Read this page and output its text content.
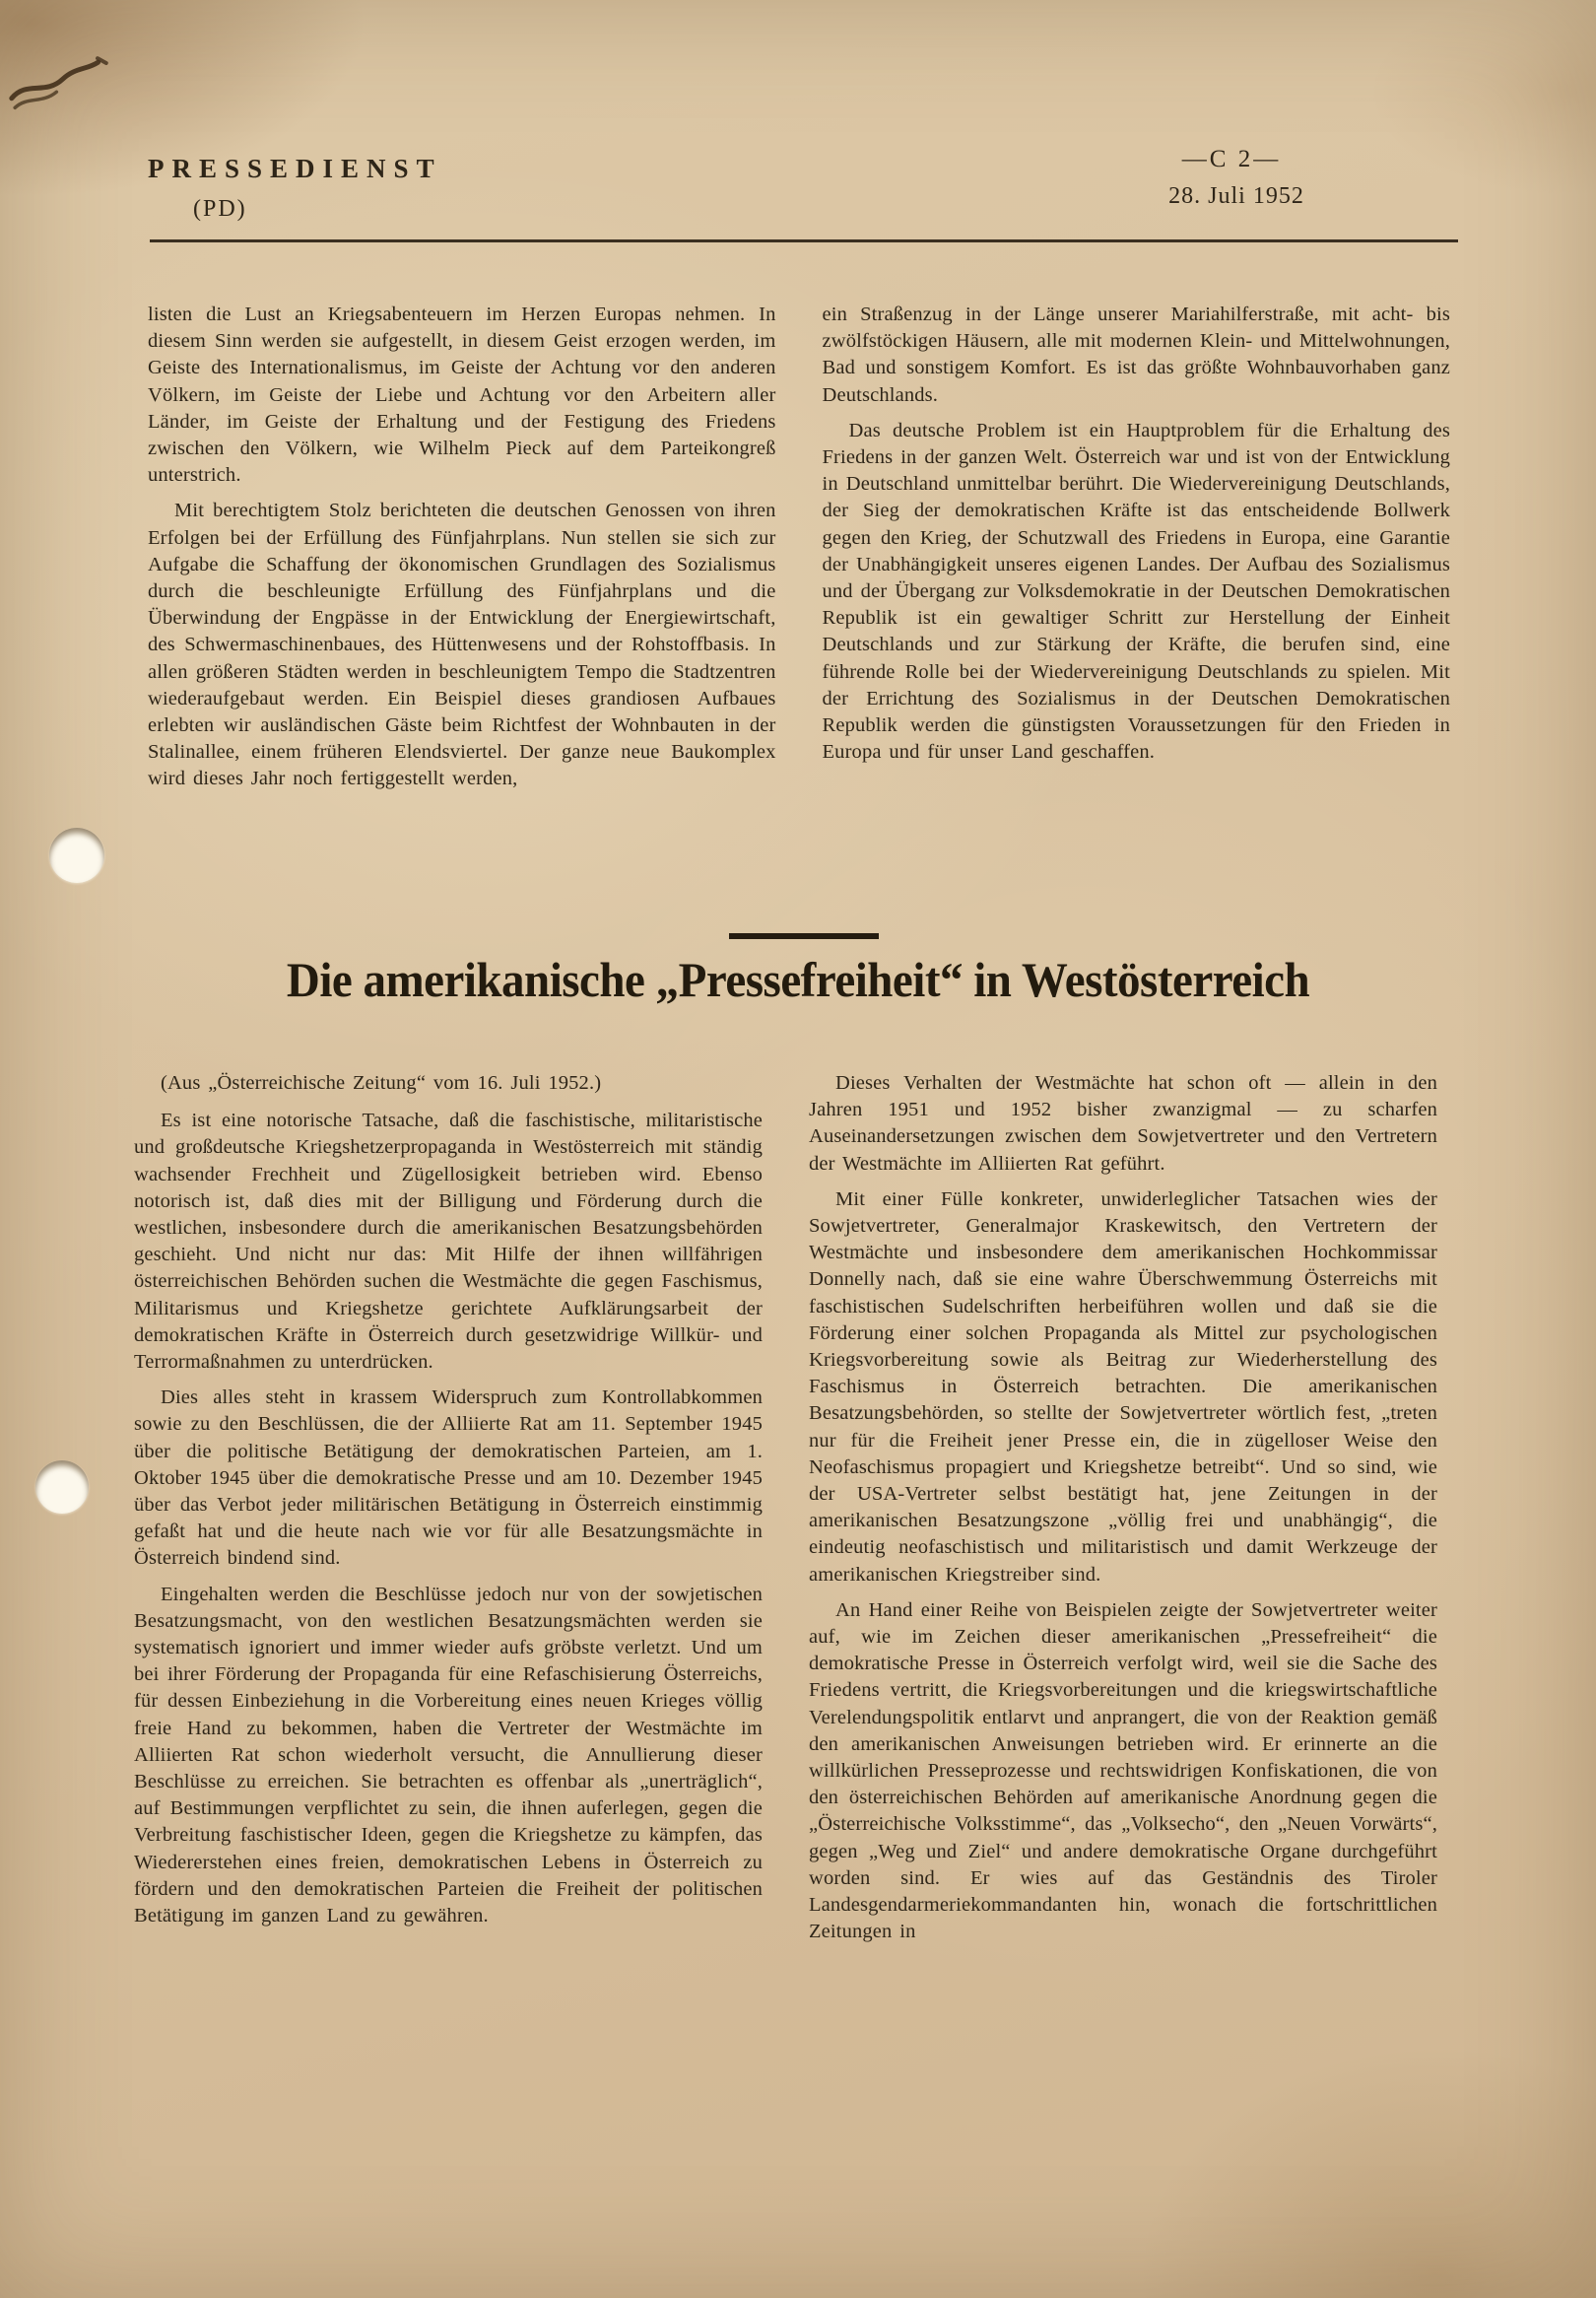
PRESSEDIENST
(PD)
—C 2—
28. Juli 1952

listen die Lust an Kriegsabenteuern im Herzen Europas nehmen. In diesem Sinn werden sie aufgestellt, in diesem Geist erzogen werden, im Geiste des Internationalismus, im Geiste der Achtung vor den anderen Völkern, im Geiste der Liebe und Achtung vor den Arbeitern aller Länder, im Geiste der Erhaltung und der Festigung des Friedens zwischen den Völkern, wie Wilhelm Pieck auf dem Parteikongreß unterstrich.

Mit berechtigtem Stolz berichteten die deutschen Genossen von ihren Erfolgen bei der Erfüllung des Fünfjahrplans. Nun stellen sie sich zur Aufgabe die Schaffung der ökonomischen Grundlagen des Sozialismus durch die beschleunigte Erfüllung des Fünfjahrplans und die Überwindung der Engpässe in der Entwicklung der Energiewirtschaft, des Schwermaschinenbaues, des Hüttenwesens und der Rohstoffbasis. In allen größeren Städten werden in beschleunigtem Tempo die Stadtzentren wiederaufgebaut werden. Ein Beispiel dieses grandiosen Aufbaues erlebten wir ausländischen Gäste beim Richtfest der Wohnbauten in der Stalinallee, einem früheren Elendsviertel. Der ganze neue Baukomplex wird dieses Jahr noch fertiggestellt werden,

ein Straßenzug in der Länge unserer Mariahilferstraße, mit acht- bis zwölfstöckigen Häusern, alle mit modernen Klein- und Mittelwohnungen, Bad und sonstigem Komfort. Es ist das größte Wohnbauvorhaben ganz Deutschlands.

Das deutsche Problem ist ein Hauptproblem für die Erhaltung des Friedens in der ganzen Welt. Österreich war und ist von der Entwicklung in Deutschland unmittelbar berührt. Die Wiedervereinigung Deutschlands, der Sieg der demokratischen Kräfte ist das entscheidende Bollwerk gegen den Krieg, der Schutzwall des Friedens in Europa, eine Garantie der Unabhängigkeit unseres eigenen Landes. Der Aufbau des Sozialismus und der Übergang zur Volksdemokratie in der Deutschen Demokratischen Republik ist ein gewaltiger Schritt zur Herstellung der Einheit Deutschlands und zur Stärkung der Kräfte, die berufen sind, eine führende Rolle bei der Wiedervereinigung Deutschlands zu spielen. Mit der Errichtung des Sozialismus in der Deutschen Demokratischen Republik werden die günstigsten Voraussetzungen für den Frieden in Europa und für unser Land geschaffen.

Die amerikanische „Pressefreiheit“ in Westösterreich

(Aus „Österreichische Zeitung“ vom 16. Juli 1952.)

Es ist eine notorische Tatsache, daß die faschistische, militaristische und großdeutsche Kriegshetzerpropaganda in Westösterreich mit ständig wachsender Frechheit und Zügellosigkeit betrieben wird. Ebenso notorisch ist, daß dies mit der Billigung und Förderung durch die westlichen, insbesondere durch die amerikanischen Besatzungsbehörden geschieht. Und nicht nur das: Mit Hilfe der ihnen willfährigen österreichischen Behörden suchen die Westmächte die gegen Faschismus, Militarismus und Kriegshetze gerichtete Aufklärungsarbeit der demokratischen Kräfte in Österreich durch gesetzwidrige Willkür- und Terrormaßnahmen zu unterdrücken.

Dies alles steht in krassem Widerspruch zum Kontrollabkommen sowie zu den Beschlüssen, die der Alliierte Rat am 11. September 1945 über die politische Betätigung der demokratischen Parteien, am 1. Oktober 1945 über die demokratische Presse und am 10. Dezember 1945 über das Verbot jeder militärischen Betätigung in Österreich einstimmig gefaßt hat und die heute nach wie vor für alle Besatzungsmächte in Österreich bindend sind.

Eingehalten werden die Beschlüsse jedoch nur von der sowjetischen Besatzungsmacht, von den westlichen Besatzungsmächten werden sie systematisch ignoriert und immer wieder aufs gröbste verletzt. Und um bei ihrer Förderung der Propaganda für eine Refaschisierung Österreichs, für dessen Einbeziehung in die Vorbereitung eines neuen Krieges völlig freie Hand zu bekommen, haben die Vertreter der Westmächte im Alliierten Rat schon wiederholt versucht, die Annullierung dieser Beschlüsse zu erreichen. Sie betrachten es offenbar als „unerträglich“, auf Bestimmungen verpflichtet zu sein, die ihnen auferlegen, gegen die Verbreitung faschistischer Ideen, gegen die Kriegshetze zu kämpfen, das Wiedererstehen eines freien, demokratischen Lebens in Österreich zu fördern und den demokratischen Parteien die Freiheit der politischen Betätigung im ganzen Land zu gewähren.

Dieses Verhalten der Westmächte hat schon oft — allein in den Jahren 1951 und 1952 bisher zwanzigmal — zu scharfen Auseinandersetzungen zwischen dem Sowjetvertreter und den Vertretern der Westmächte im Alliierten Rat geführt.

Mit einer Fülle konkreter, unwiderleglicher Tatsachen wies der Sowjetvertreter, Generalmajor Kraskewitsch, den Vertretern der Westmächte und insbesondere dem amerikanischen Hochkommissar Donnelly nach, daß sie eine wahre Überschwemmung Österreichs mit faschistischen Sudelschriften herbeiführen wollen und daß sie die Förderung einer solchen Propaganda als Mittel zur psychologischen Kriegsvorbereitung sowie als Beitrag zur Wiederherstellung des Faschismus in Österreich betrachten. Die amerikanischen Besatzungsbehörden, so stellte der Sowjetvertreter wörtlich fest, „treten nur für die Freiheit jener Presse ein, die in zügelloser Weise den Neofaschismus propagiert und Kriegshetze betreibt“. Und so sind, wie der USA-Vertreter selbst bestätigt hat, jene Zeitungen in der amerikanischen Besatzungszone „völlig frei und unabhängig“, die eindeutig neofaschistisch und militaristisch und damit Werkzeuge der amerikanischen Kriegstreiber sind.

An Hand einer Reihe von Beispielen zeigte der Sowjetvertreter weiter auf, wie im Zeichen dieser amerikanischen „Pressefreiheit“ die demokratische Presse in Österreich verfolgt wird, weil sie die Sache des Friedens vertritt, die Kriegsvorbereitungen und die kriegswirtschaftliche Verelendungspolitik entlarvt und anprangert, die von der Reaktion gemäß den amerikanischen Anweisungen betrieben wird. Er erinnerte an die willkürlichen Presseprozesse und rechtswidrigen Konfiskationen, die von den österreichischen Behörden auf amerikanische Anordnung gegen die „Österreichische Volksstimme“, das „Volksecho“, den „Neuen Vorwärts“, gegen „Weg und Ziel“ und andere demokratische Organe durchgeführt worden sind. Er wies auf das Geständnis des Tiroler Landesgendarmeriekommandanten hin, wonach die fortschrittlichen Zeitungen in
